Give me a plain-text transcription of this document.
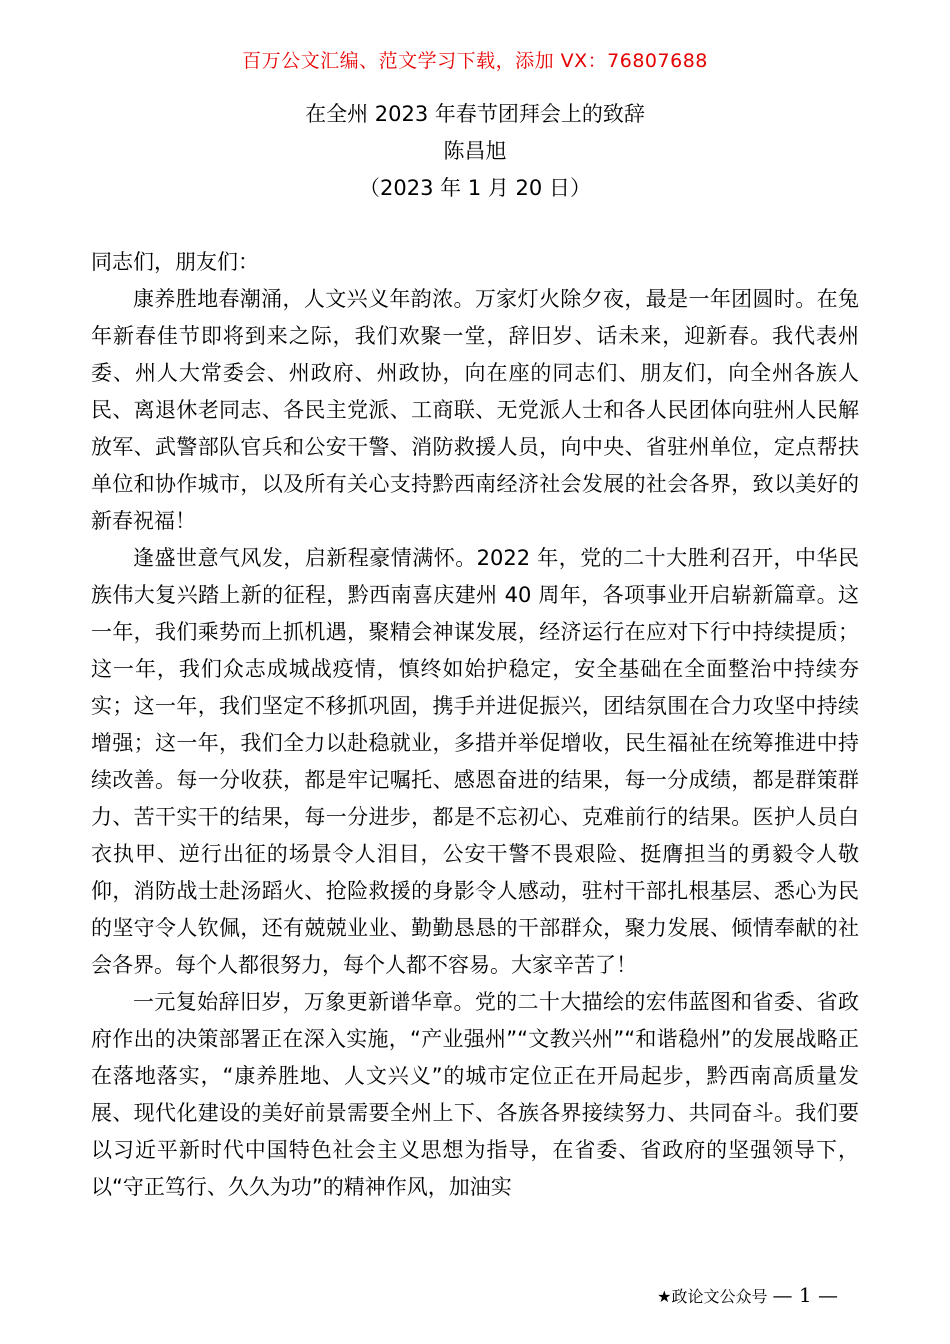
百万公文汇编、范文学习下载，添加 VX：76807688
在全州 2023 年春节团拜会上的致辞
陈昌旭
（2023 年 1 月 20 日）

同志们，朋友们：

康养胜地春潮涌，人文兴义年韵浓。万家灯火除夕夜，最是一年团圆时。在兔年新春佳节即将到来之际，我们欢聚一堂，辞旧岁、话未来，迎新春。我代表州委、州人大常委会、州政府、州政协，向在座的同志们、朋友们，向全州各族人民、离退休老同志、各民主党派、工商联、无党派人士和各人民团体向驻州人民解放军、武警部队官兵和公安干警、消防救援人员，向中央、省驻州单位，定点帮扶单位和协作城市，以及所有关心支持黔西南经济社会发展的社会各界，致以美好的新春祝福！

逢盛世意气风发，启新程豪情满怀。2022 年，党的二十大胜利召开，中华民族伟大复兴踏上新的征程，黔西南喜庆建州 40 周年，各项事业开启崭新篇章。这一年，我们乘势而上抓机遇，聚精会神谋发展，经济运行在应对下行中持续提质；这一年，我们众志成城战疫情，慎终如始护稳定，安全基础在全面整治中持续夯实；这一年，我们坚定不移抓巩固，携手并进促振兴，团结氛围在合力攻坚中持续增强；这一年，我们全力以赴稳就业，多措并举促增收，民生福祉在统筹推进中持续改善。每一分收获，都是牢记嘱托、感恩奋进的结果，每一分成绩，都是群策群力、苦干实干的结果，每一分进步，都是不忘初心、克难前行的结果。医护人员白衣执甲、逆行出征的场景令人泪目，公安干警不畏艰险、挺膺担当的勇毅令人敬仰，消防战士赴汤蹈火、抢险救援的身影令人感动，驻村干部扎根基层、悉心为民的坚守令人钦佩，还有兢兢业业、勤勤恳恳的干部群众，聚力发展、倾情奉献的社会各界。每个人都很努力，每个人都不容易。大家辛苦了！

一元复始辞旧岁，万象更新谱华章。党的二十大描绘的宏伟蓝图和省委、省政府作出的决策部署正在深入实施，“产业强州”“文教兴州”“和谐稳州”的发展战略正在落地落实，“康养胜地、人文兴义”的城市定位正在开局起步，黔西南高质量发展、现代化建设的美好前景需要全州上下、各族各界接续努力、共同奋斗。我们要以习近平新时代中国特色社会主义思想为指导，在省委、省政府的坚强领导下，以“守正笃行、久久为功”的精神作风，加油实

★政论文公众号 — 1 —
